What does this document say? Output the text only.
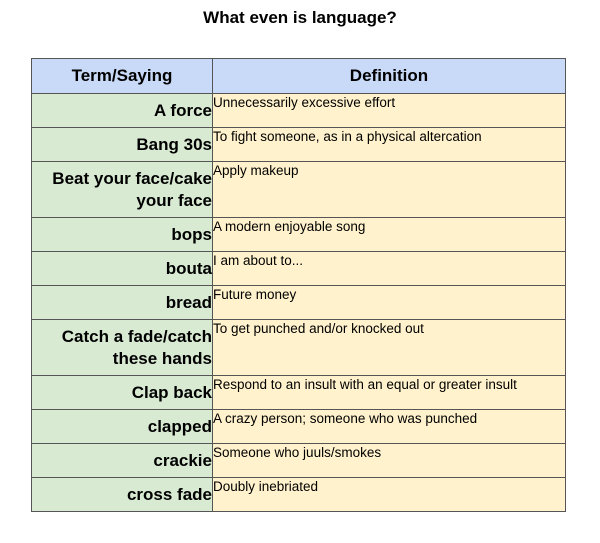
What even is language?
Term/Saying	Definition
A force	Unnecessarily excessive effort
Bang 30s	To fight someone, as in a physical altercation
Beat your face/cake your face	Apply makeup
bops	A modern enjoyable song
bouta	I am about to...
bread	Future money
Catch a fade/catch these hands	To get punched and/or knocked out
Clap back	Respond to an insult with an equal or greater insult
clapped	A crazy person; someone who was punched
crackie	Someone who juuls/smokes
cross fade	Doubly inebriated
